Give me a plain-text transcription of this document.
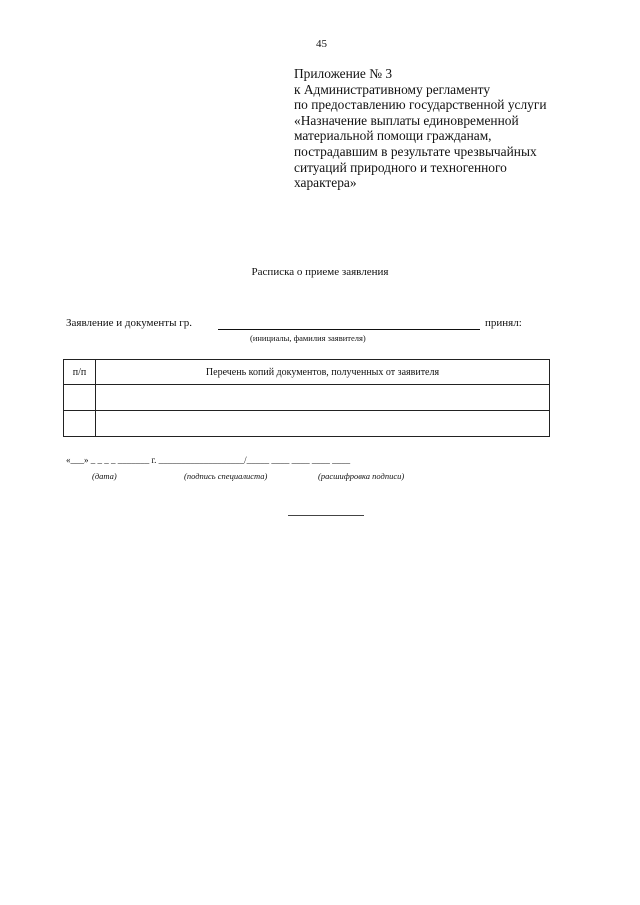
45
Приложение № 3
к Административному регламенту
по предоставлению государственной услуги
«Назначение выплаты единовременной
материальной помощи гражданам,
пострадавшим в результате чрезвычайных
ситуаций природного и техногенного
характера»
Расписка о приеме заявления
Заявление и документы гр.	принял:
(инициалы, фамилия заявителя)
п/п	Перечень копий документов, полученных от заявителя

«___» _ _ _ _ _______ г. ___________________/_____ ____ ____ ____ ____
(дата)	(подпись специалиста)	(расшифровка подписи)
